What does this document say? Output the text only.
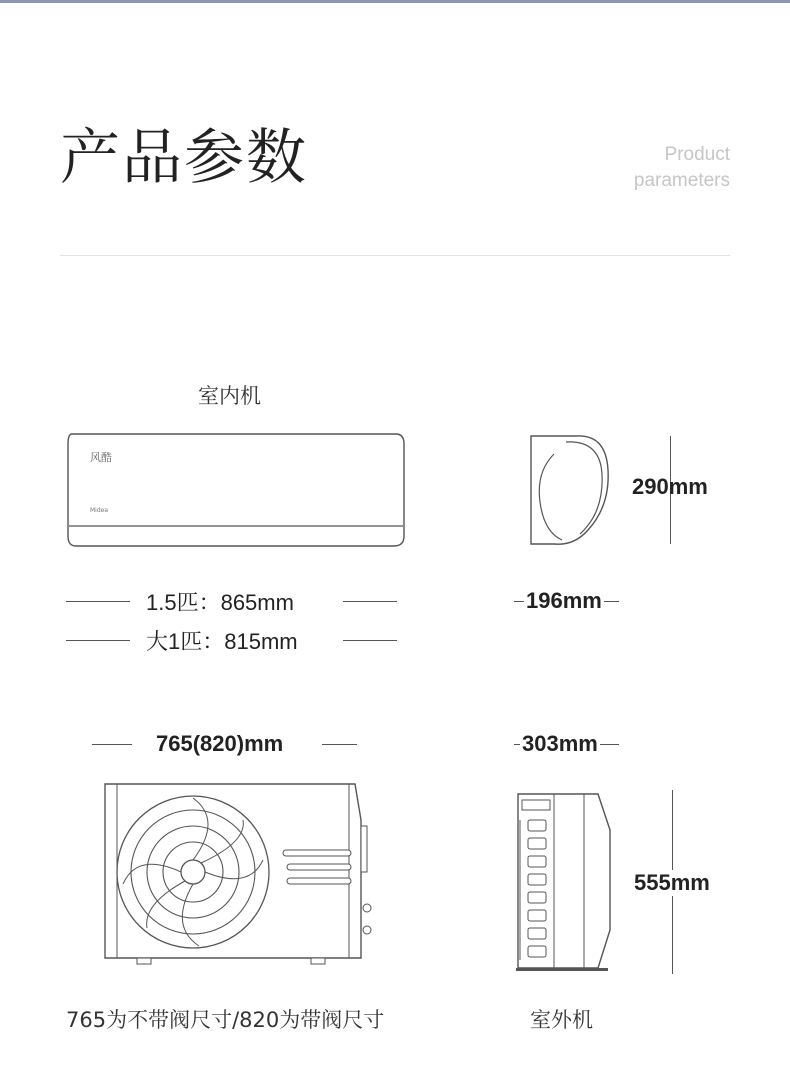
产品参数	Product
parameters
室内机
风酷
Midea
290mm
1.5匹：865mm
大1匹：815mm
196mm
765(820)mm	303mm
555mm
765为不带阀尺寸/820为带阀尺寸	室外机
